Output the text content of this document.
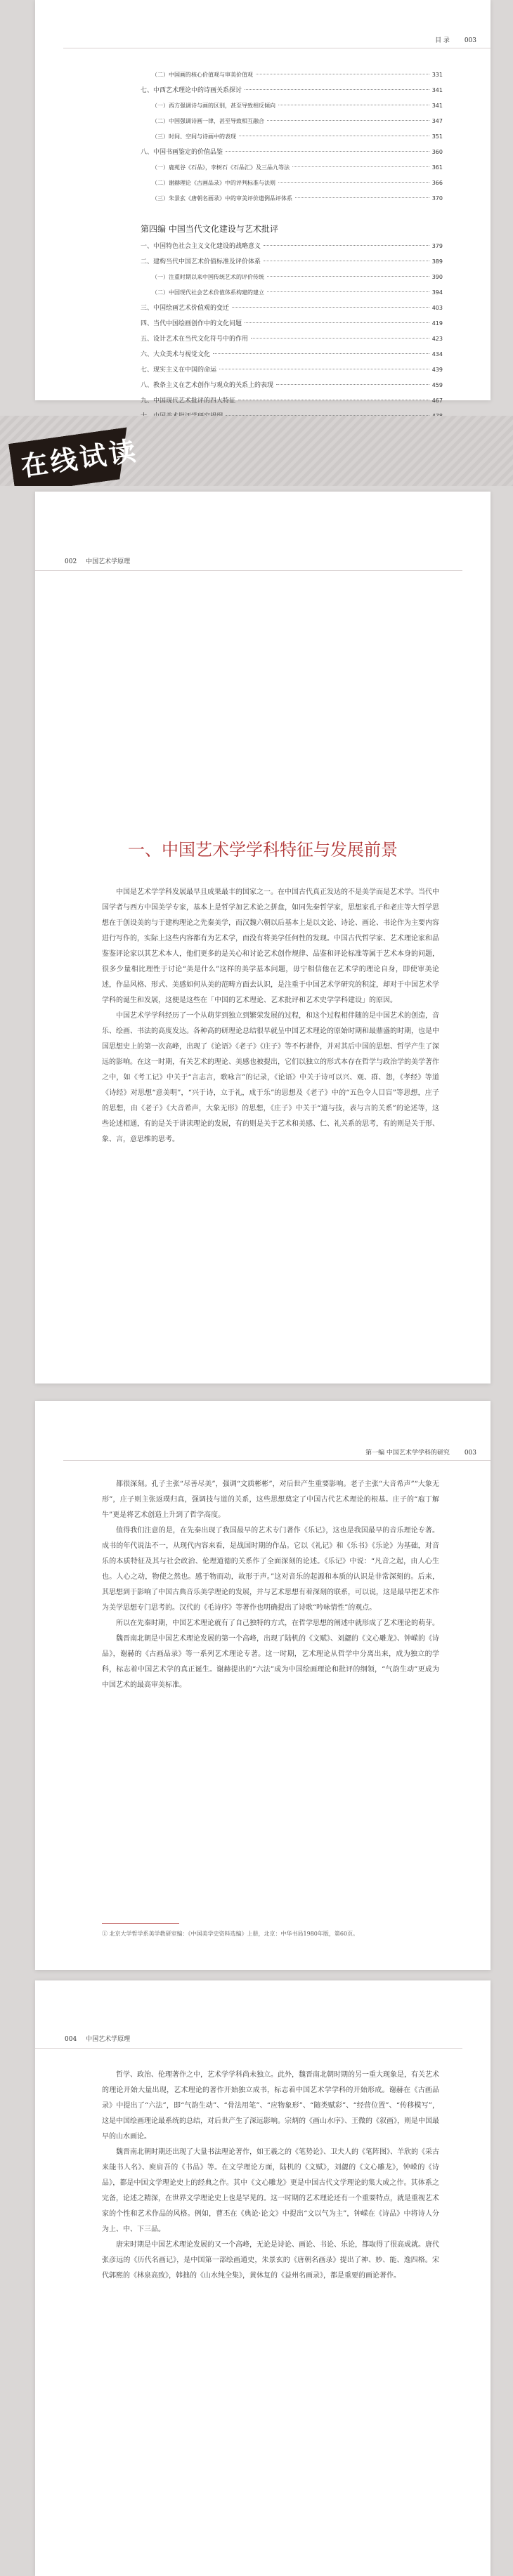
目 录 003
（二）中国画的核心价值观与审美价值观	331
七、中西艺术理论中的诗画关系探讨	341
（一）西方强调诗与画的区别，甚至导致相反倾向	341
（二）中国强调诗画一律，甚至导致相互融合	347
（三）时间、空间与诗画中的表现	351
八、中国书画鉴定的价值品鉴	360
（一）鹿苑谷《石品》，李树石《石品汇》及三品九等法	361
（二）谢赫理论《古画品录》中的评判标准与法则	366
（三）朱景玄《唐朝名画录》中的审美评价遗例品评体系	370
第四编 中国当代文化建设与艺术批评
一、中国特色社会主义文化建设的战略意义	379
二、建构当代中国艺术价值标准及评价体系	389
（一）注重时期以来中国传统艺术的评价传统	390
（二）中国现代社会艺术价值体系构建的建立	394
三、中国绘画艺术价值观的变迁	403
四、当代中国绘画创作中的文化问题	419
五、设计艺术在当代文化符号中的作用	423
六、大众美术与视觉文化	434
七、现实主义在中国的命运	439
八、教条主义在艺术创作与观众的关系上的表现	459
九、中国现代艺术批评的四大特征	467
在线试读
002 中国艺术学原理
一、中国艺术学学科特征与发展前景

中国是艺术学学科发展最早且成果最丰的国家之一。在中国古代真正发达的不是美学而是艺术学。当代中国学者与西方中国美学专家，基本上是哲学加艺术论之拼盘，如同先秦哲学家，思想家孔子和老庄等大哲学思想在于创设美的与于建构理论之先秦美学，而汉魏六朝以后基本上是以文论、诗论、画论、书论作为主要内容进行写作的，实际上这些内容都有为艺术学，而没有将美学任何性的发现。中国古代哲学家、艺术理论家和品鉴鉴评论家以其艺术本人，他们更多的是关心和讨论艺术创作规律、品鉴和评论标准等属于艺术本身的问题，很多少量相比理性于讨论“美是什么”这样的美学基本问题，毋宁相信他在艺术学的理论自身，即使审美论述，作品风格、形式、美感如何从美的范畴方面去认识，是注重于中国艺术学研究的积淀，却对于中国艺术学学科的诞生和发展，这便是这些在「中国的艺术理论、艺术批评和艺术史学学科建设」的原因。

中国艺术学学科经历了一个从萌芽到独立到繁荣发展的过程，和这个过程相伴随的是中国艺术的创造，音乐、绘画、书法的高度发达。各种高的研理论总结很早就呈中国艺术理论的原始时期和最鼎盛的时期，也是中国思想史上的第一次高峰，出现了《论语》《老子》《庄子》等不朽著作，并对其后中国的思想、哲学产生了深远的影响。在这一时期，有关艺术的理论、美感也被提出，它们以独立的形式本存在哲学与政治学的美学著作之中，如《考工记》中关于“言志言，歌咏言”的记录，《论语》中关于诗可以兴、观、群、怨，《孝经》等道《诗经》对思想“意美明”，“兴于诗，立于礼，成于乐”的思想及《老子》中的“五色令人目盲”等思想，庄子的思想，由《老子》《大音希声，大象无形》的思想，《庄子》中关于“道与技，表与言的关系”的论述等，这些论述相通，有的是关于讲读理论的发展，有的则是关于艺术和美感、仁、礼关系的思考，有的则是关于形、象、言，意思维的思考。

第一编 中国艺术学学科的研究 003

都很深刻。孔子主张“尽善尽美”，强调“文质彬彬”，对后世产生重要影响。老子主张“大音希声”“大象无形”，庄子则主张返璞归真，强调技与道的关系，这些思想奠定了中国古代艺术理论的根基。庄子的“庖丁解牛”更是将艺术创造上升到了哲学高度。

值得我们注意的是，在先秦出现了我国最早的艺术专门著作《乐记》，这也是我国最早的音乐理论专著。成书的年代说法不一，从现代内容来看，是战国时期的作品。它以《礼记》和《乐书》《乐论》为基础，对音乐的本质特征及其与社会政治、伦理道德的关系作了全面深刻的论述。《乐记》中说：“凡音之起，由人心生也。人心之动，物使之然也。感于物而动，故形于声。”这对音乐的起源和本质的认识是非常深刻的。后来，其思想到于影响了中国古典音乐美学理论的发展，并与艺术思想有着深刻的联系，可以说，这是最早把艺术作为美学思想专门思考的。汉代的《毛诗序》等著作也明确提出了诗歌“吟咏情性”的观点。

所以在先秦时期，中国艺术理论就有了自己独特的方式，在哲学思想的阐述中就形成了艺术理论的萌芽。

魏晋南北朝是中国艺术理论发展的第一个高峰，出现了陆机的《文赋》、刘勰的《文心雕龙》、钟嵘的《诗品》，谢赫的《古画品录》等一系列艺术理论专著。这一时期，艺术理论从哲学中分离出来，成为独立的学科，标志着中国艺术学的真正诞生。谢赫提出的“六法”成为中国绘画理论和批评的纲领，“气韵生动”更成为中国艺术的最高审美标准。

① 北京大学哲学系美学教研室编：《中国美学史资料选编》上册，北京：中华书局1980年版，第60页。
004 中国艺术学原理

哲学、政治、伦理著作之中，艺术学学科尚未独立。此外，魏晋南北朝时期的另一重大现象是，有关艺术的理论开始大量出现，艺术理论的著作开始独立成书，标志着中国艺术学学科的开始形成。谢赫在《古画品录》中提出了“六法”，即“气韵生动”、“骨法用笔”、“应物象形”、“随类赋彩”、“经营位置”、“传移模写”，这是中国绘画理论最系统的总结，对后世产生了深远影响。宗炳的《画山水序》、王微的《叙画》，则是中国最早的山水画论。

魏晋南北朝时期还出现了大量书法理论著作，如王羲之的《笔势论》、卫夫人的《笔阵图》、羊欣的《采古来能书人名》、庾肩吾的《书品》等。在文学理论方面，陆机的《文赋》，刘勰的《文心雕龙》，钟嵘的《诗品》，都是中国文学理论史上的经典之作。其中《文心雕龙》更是中国古代文学理论的集大成之作。其体系之完备，论述之精深，在世界文学理论史上也是罕见的。这一时期的艺术理论还有一个重要特点，就是重视艺术家的个性和艺术作品的风格。例如，曹丕在《典论·论文》中提出“文以气为主”，钟嵘在《诗品》中将诗人分为上、中、下三品。

唐宋时期是中国艺术理论发展的又一个高峰，无论是诗论、画论、书论、乐论，都取得了很高成就。唐代张彦远的《历代名画记》，是中国第一部绘画通史，朱景玄的《唐朝名画录》提出了神、妙、能、逸四格。宋代郭熙的《林泉高致》，韩拙的《山水纯全集》，黄休复的《益州名画录》，都是重要的画论著作。
